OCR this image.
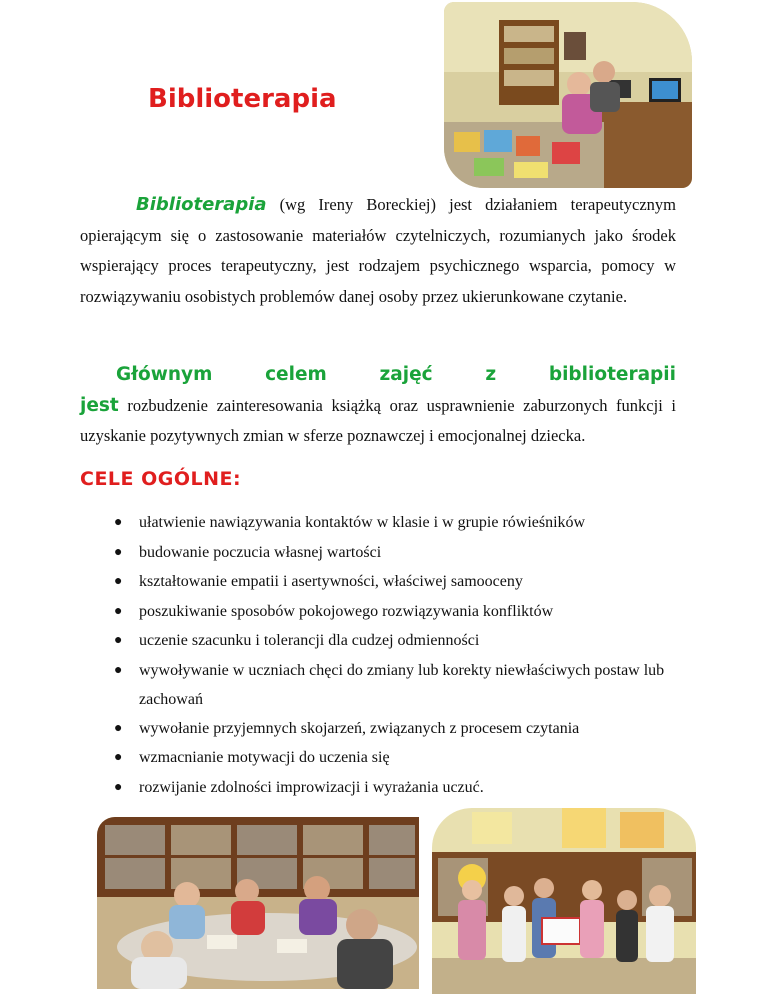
Biblioterapia

Biblioterapia (wg Ireny Boreckiej) jest działaniem terapeutycznym opierającym się o zastosowanie materiałów czytelniczych, rozumianych jako środek wspierający proces terapeutyczny, jest rodzajem psychicznego wsparcia, pomocy w rozwiązywaniu osobistych problemów danej osoby przez ukierunkowane czytanie.

Głównym celem zajęć z biblioterapii jest rozbudzenie zainteresowania książką oraz usprawnienie zaburzonych funkcji i uzyskanie pozytywnych zmian w sferze poznawczej i emocjonalnej dziecka.

CELE OGÓLNE:
● ułatwienie nawiązywania kontaktów w klasie i w grupie rówieśników
● budowanie poczucia własnej wartości
● kształtowanie empatii i asertywności, właściwej samooceny
● poszukiwanie sposobów pokojowego rozwiązywania konfliktów
● uczenie szacunku i tolerancji dla cudzej odmienności
● wywoływanie w uczniach chęci do zmiany lub korekty niewłaściwych postaw lub zachowań
● wywołanie przyjemnych skojarzeń, związanych z procesem czytania
● wzmacnianie motywacji do uczenia się
● rozwijanie zdolności improwizacji i wyrażania uczuć.
